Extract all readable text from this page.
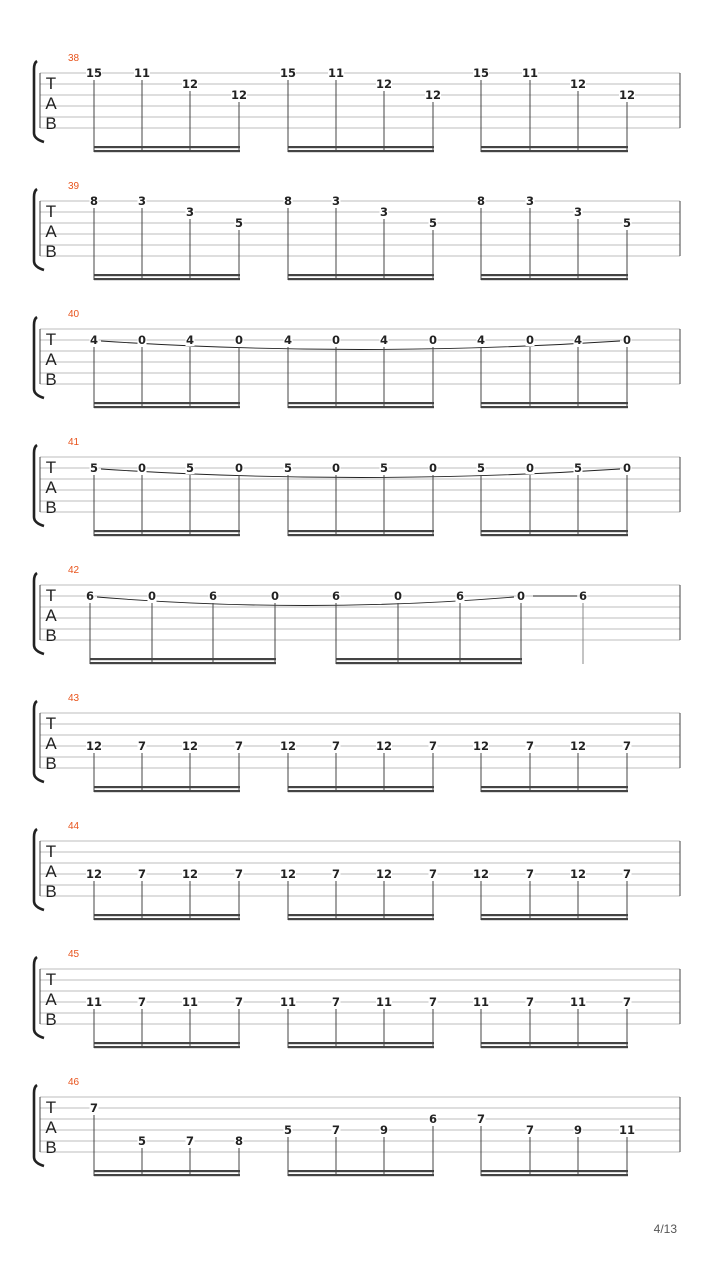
38
T
A
B
15	11
12
12
15	11
12
12
15	11
12
12
39
T
A
B
8	3
3
5
8	3
3
5
8	3
3
5
40
T
A
B
4	0	4	0	4	0	4	0	4	0	4	0
41
T
A
B
5	0	5	0	5	0	5	0	5	0	5	0
42
T
A
B
6	0	6	0	6	0	6	0	6
43
T
A
B
12	7	12	7	12	7	12	7	12	7	12	7
44
T
A
B
12	7	12	7	12	7	12	7	12	7	12	7
45
T
A
B
11	7	11	7	11	7	11	7	11	7	11	7
46
T
A
B
7
5	7	8
5	7	9
6	7
7	9	11
4/13
